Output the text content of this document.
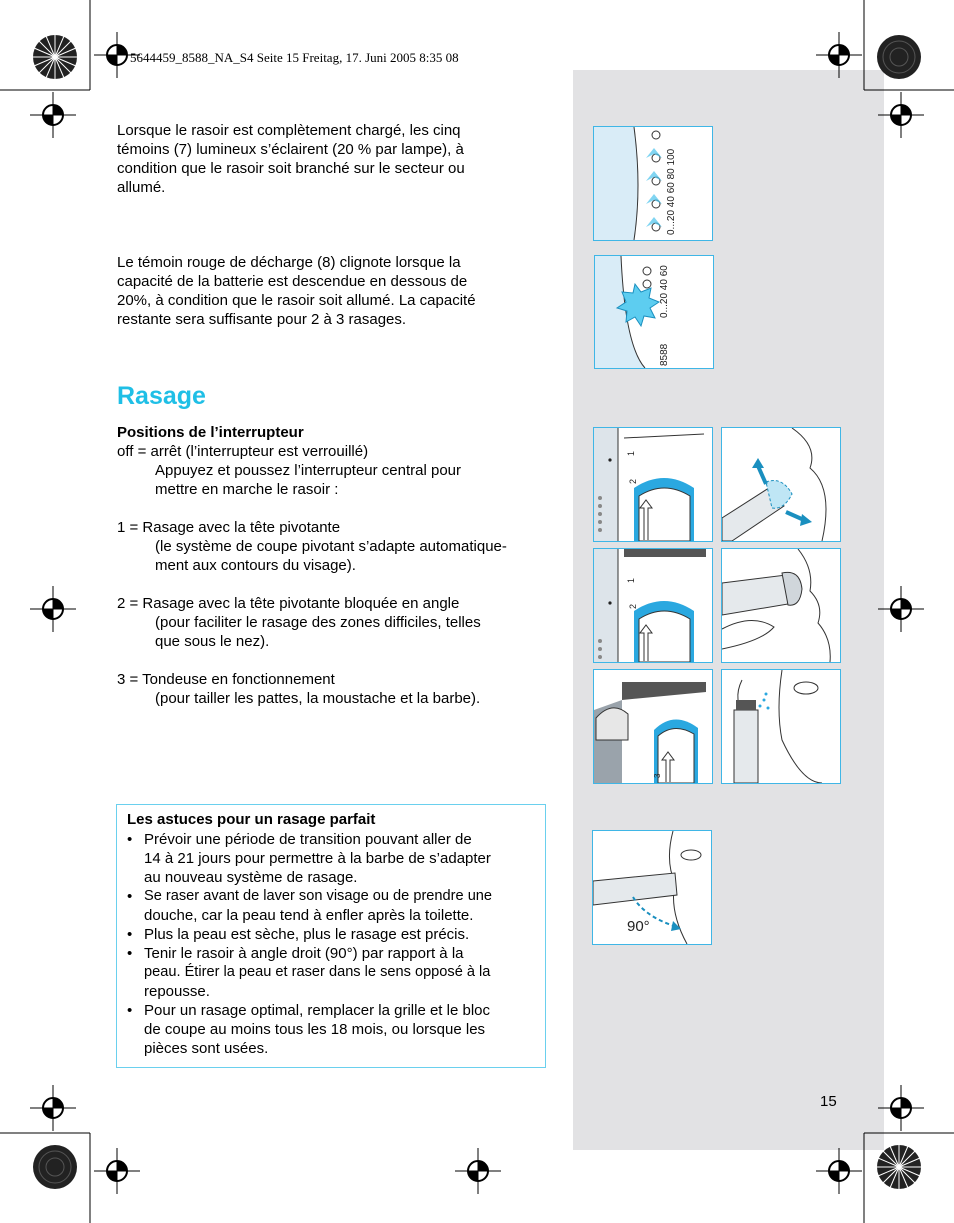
5644459_8588_NA_S4 Seite 15 Freitag, 17. Juni 2005 8:35 08
Lorsque le rasoir est complètement chargé, les cinq
témoins (7) lumineux s’éclairent (20 % par lampe), à
condition que le rasoir soit branché sur le secteur ou
allumé.
Le témoin rouge de décharge (8) clignote lorsque la
capacité de la batterie est descendue en dessous de
20%, à condition que le rasoir soit allumé. La capacité
restante sera suffisante pour 2 à 3 rasages.
Rasage
Positions de l’interrupteur
off = arrêt (l’interrupteur est verrouillé)
Appuyez et poussez l’interrupteur central pour
mettre en marche le rasoir :
1 = Rasage avec la tête pivotante
(le système de coupe pivotant s’adapte automatique-
ment aux contours du visage).
2 = Rasage avec la tête pivotante bloquée en angle
(pour faciliter le rasage des zones difficiles, telles
que sous le nez).
3 = Tondeuse en fonctionnement
(pour tailler les pattes, la moustache et la barbe).
Les astuces pour un rasage parfait
• Prévoir une période de transition pouvant aller de
14 à 21 jours pour permettre à la barbe de s’adapter
au nouveau système de rasage.
• Se raser avant de laver son visage ou de prendre une
douche, car la peau tend à enfler après la toilette.
• Plus la peau est sèche, plus le rasage est précis.
• Tenir le rasoir à angle droit (90°) par rapport à la
peau. Étirer la peau et raser dans le sens opposé à la
repousse.
• Pour un rasage optimal, remplacer la grille et le bloc
de coupe au moins tous les 18 mois, ou lorsque les
pièces sont usées.
0...20 40 60 80 100
0...20 40 60
8588
1
2
1
2
3
90°
15
